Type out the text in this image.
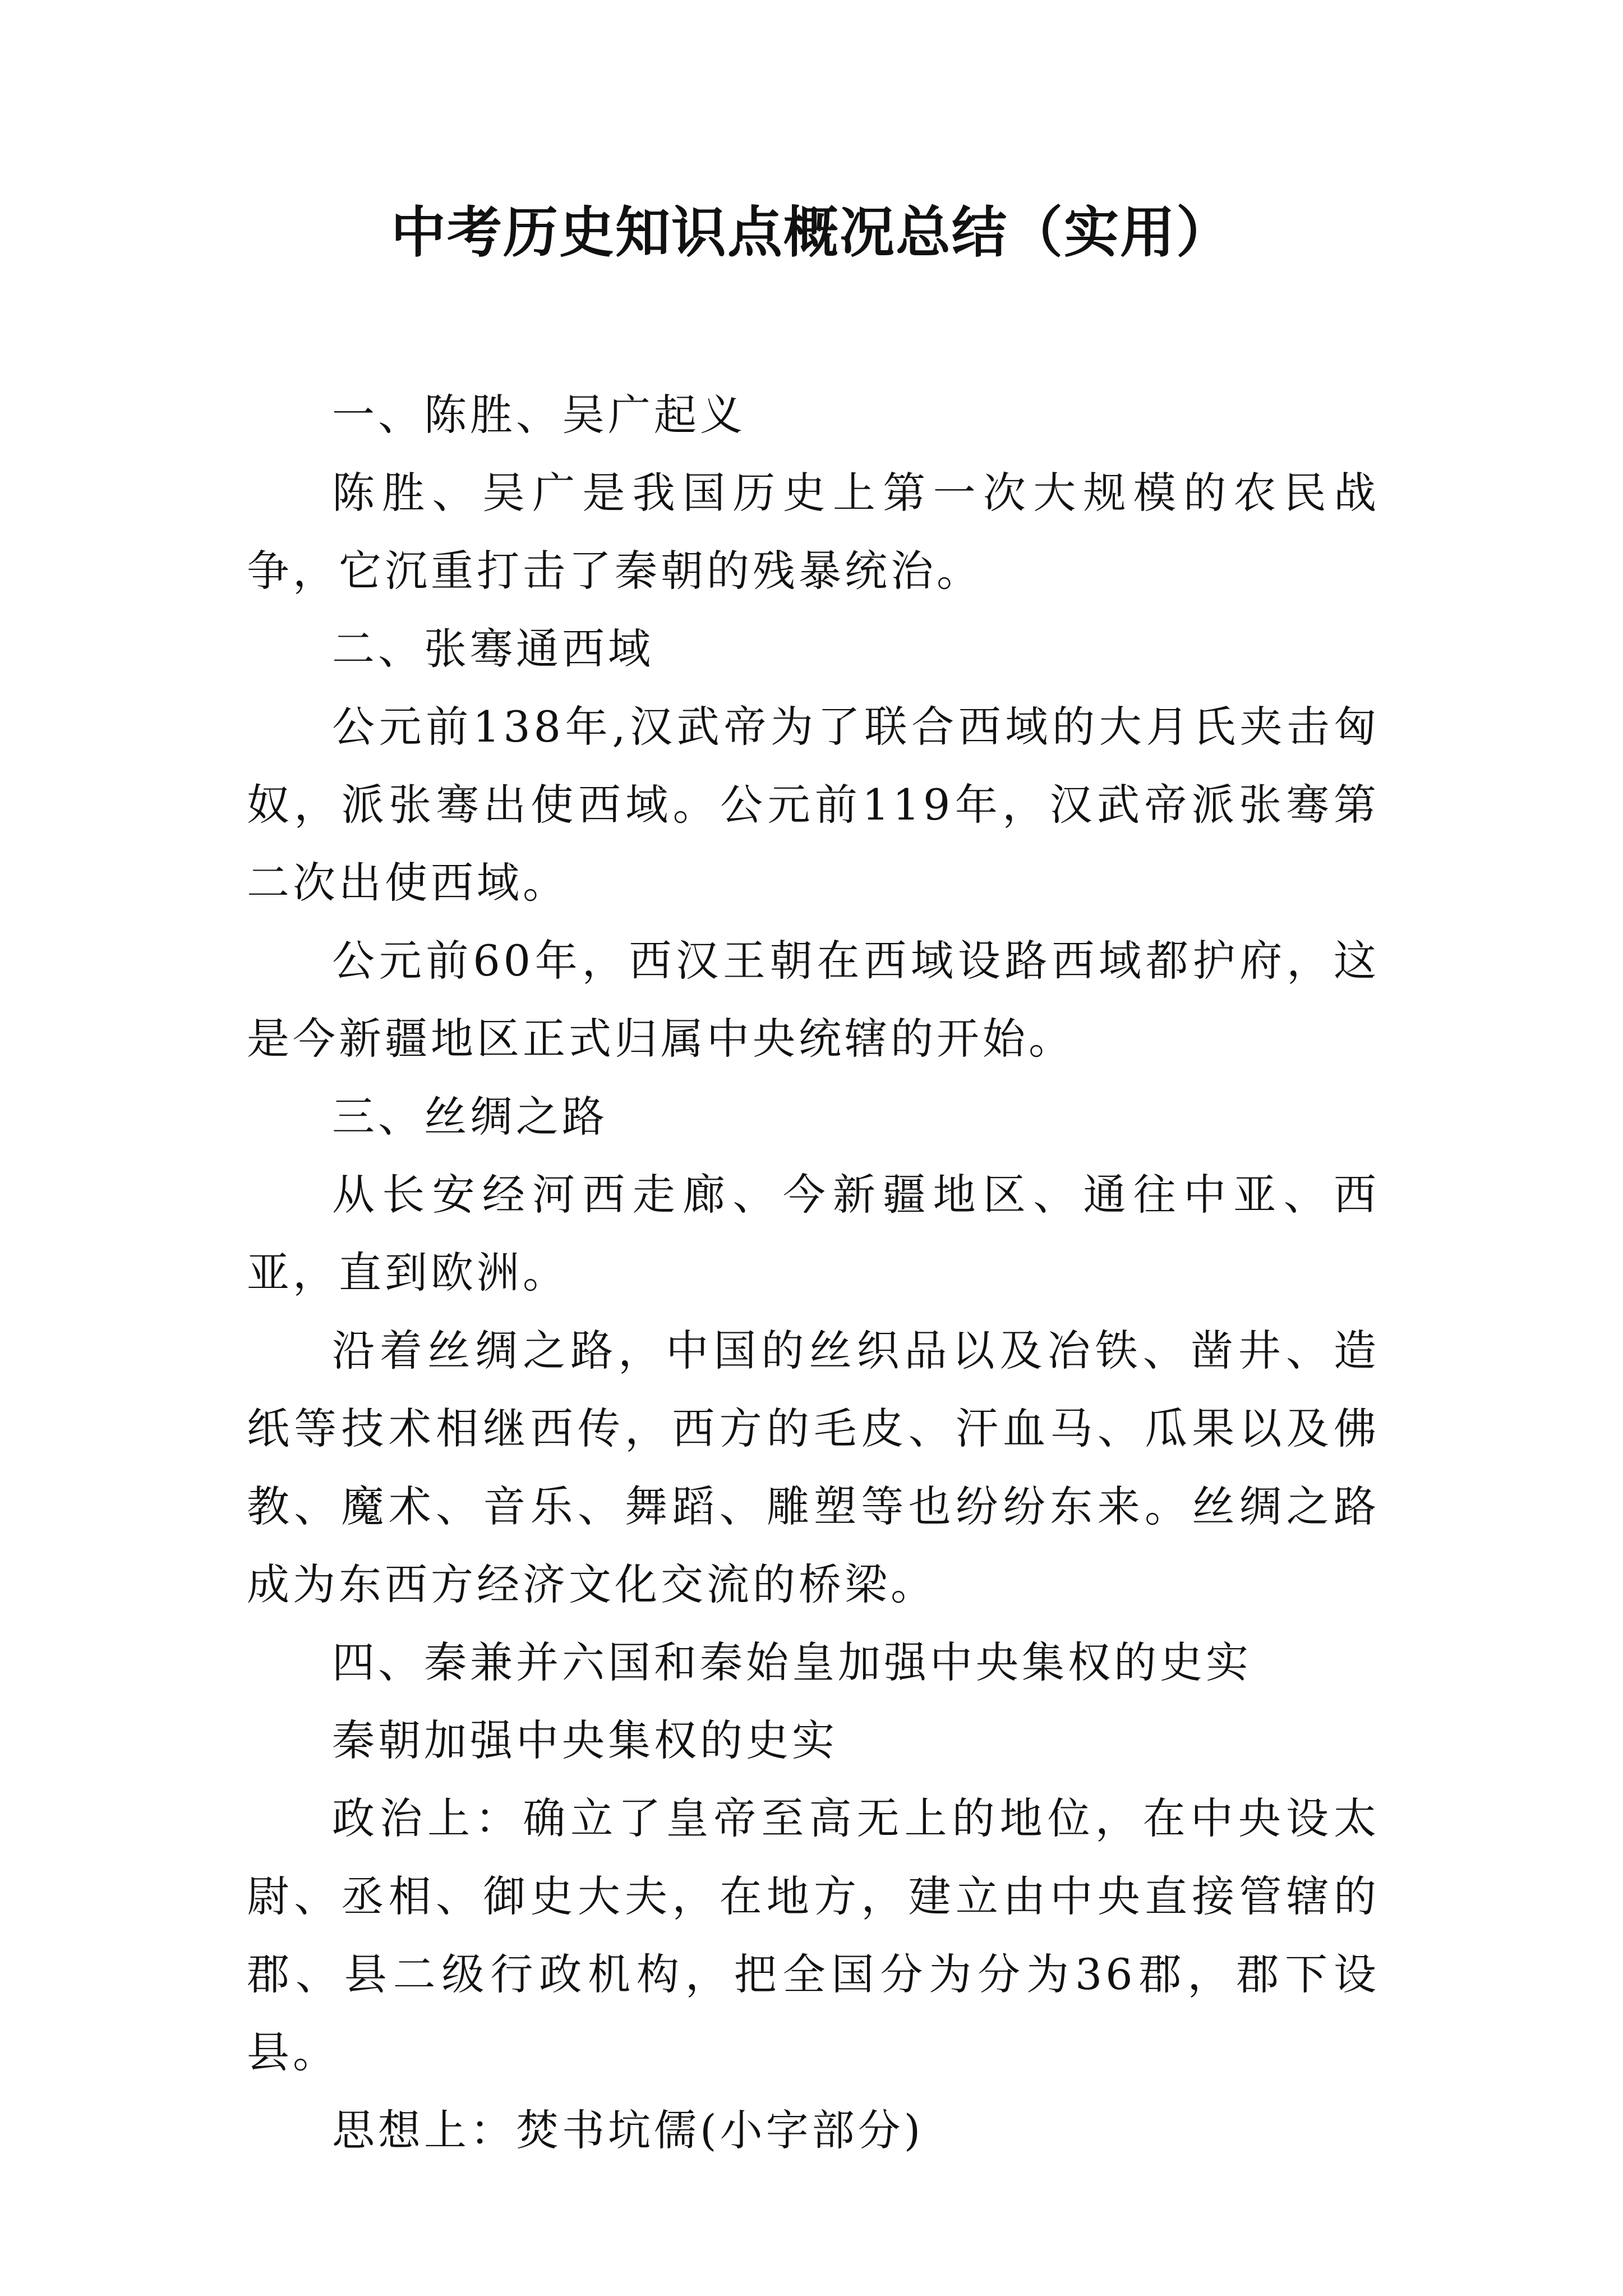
中考历史知识点概况总结（实用）

一、陈胜、吴广起义

陈胜、吴广是我国历史上第一次大规模的农民战争，它沉重打击了秦朝的残暴统治。

二、张骞通西域

公元前138年,汉武帝为了联合西域的大月氏夹击匈奴，派张骞出使西域。公元前119年，汉武帝派张骞第二次出使西域。

公元前60年，西汉王朝在西域设路西域都护府，这是今新疆地区正式归属中央统辖的开始。

三、丝绸之路

从长安经河西走廊、今新疆地区、通往中亚、西亚，直到欧洲。

沿着丝绸之路，中国的丝织品以及冶铁、凿井、造纸等技术相继西传，西方的毛皮、汗血马、瓜果以及佛教、魔术、音乐、舞蹈、雕塑等也纷纷东来。丝绸之路成为东西方经济文化交流的桥梁。

四、秦兼并六国和秦始皇加强中央集权的史实

秦朝加强中央集权的史实

政治上：确立了皇帝至高无上的地位，在中央设太尉、丞相、御史大夫，在地方，建立由中央直接管辖的郡、县二级行政机构，把全国分为分为36郡，郡下设县。

思想上：焚书坑儒(小字部分)
